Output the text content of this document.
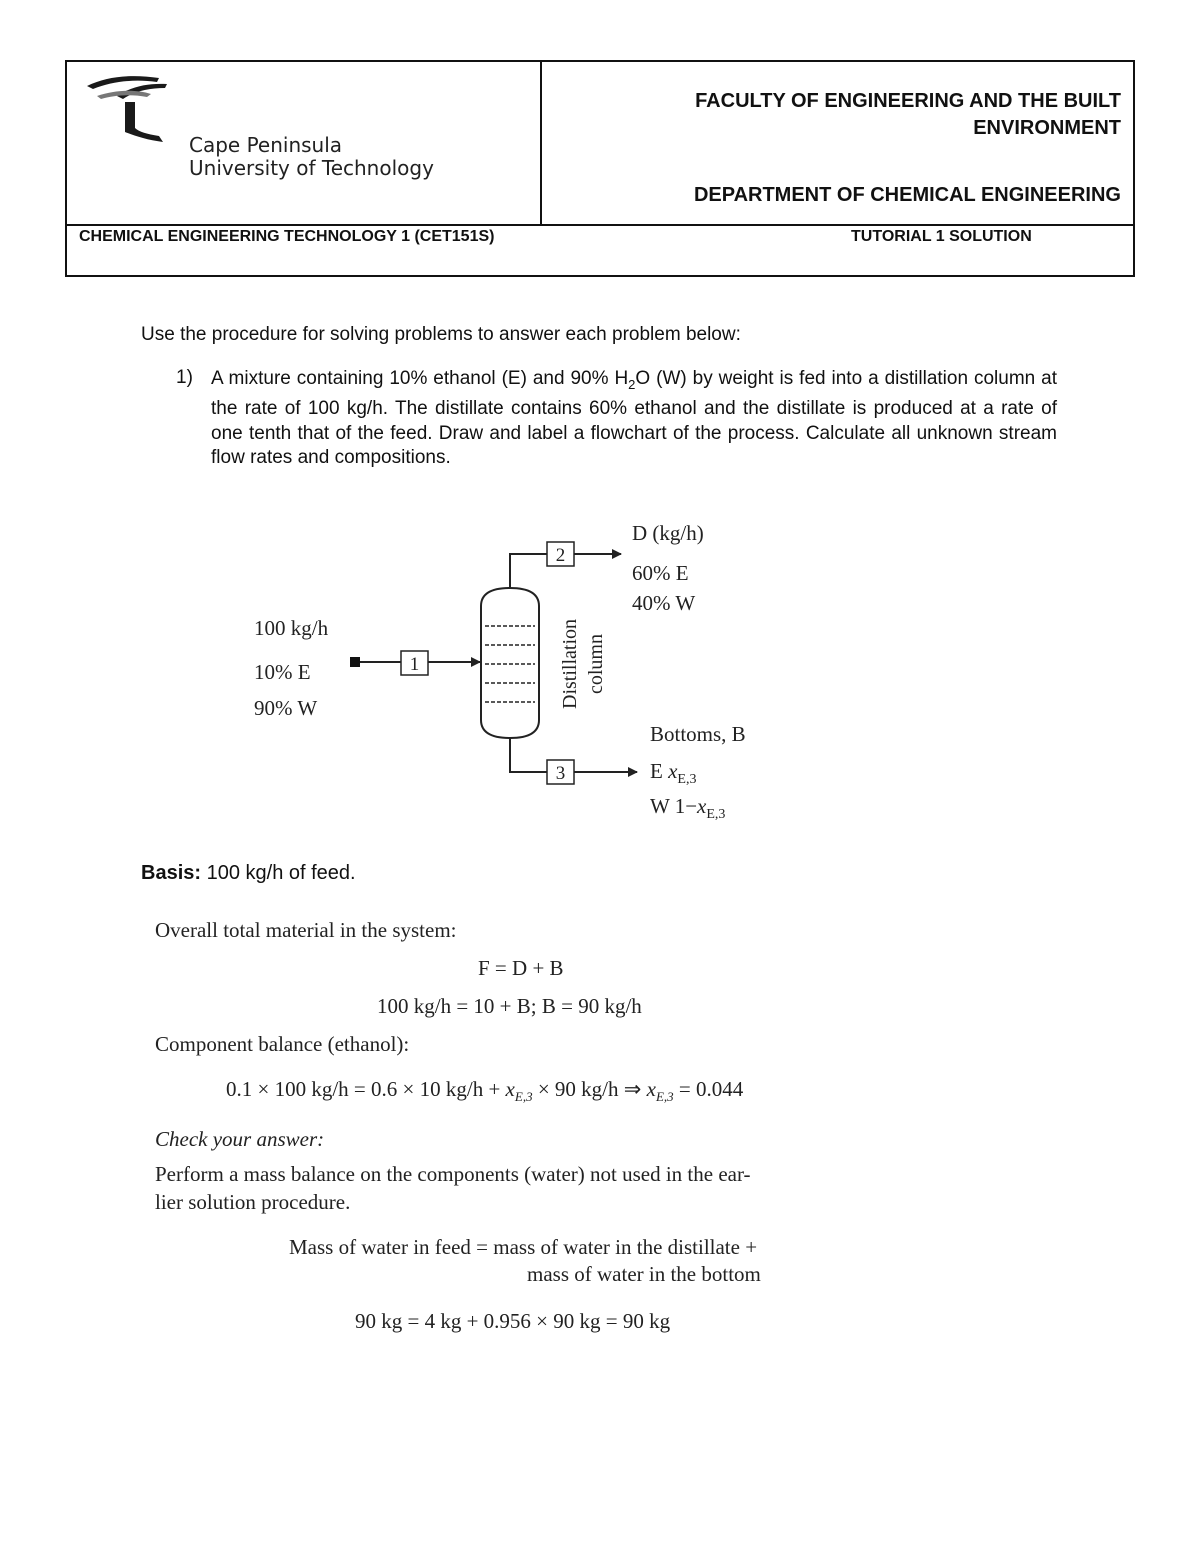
Cape Peninsula
University of Technology
FACULTY OF ENGINEERING AND THE BUILT
ENVIRONMENT
DEPARTMENT OF CHEMICAL ENGINEERING
CHEMICAL ENGINEERING TECHNOLOGY 1 (CET151S)	TUTORIAL 1 SOLUTION
Use the procedure for solving problems to answer each problem below:
1) A mixture containing 10% ethanol (E) and 90% $H_2O$ (W) by weight is fed into a distillation column at the rate of 100 kg/h. The distillate contains 60% ethanol and the distillate is produced at a rate of one tenth that of the feed. Draw and label a flowchart of the process. Calculate all unknown stream flow rates and compositions.

100 kg/h
10% E
90% W
1	Distillation column
2
D (kg/h)
60% E
40% W
3
Bottoms, B
E $x_{E,3}$
W $1-x_{E,3}$
Basis: 100 kg/h of feed.
Overall total material in the system:
F = D + B
100 kg/h = 10 + B; B = 90 kg/h
Component balance (ethanol):
0.1 × 100 kg/h = 0.6 × 10 $kg/h + x_{E,3} \times 90$ kg/h ⇒ $x_{E,3} = 0.044$
Check your answer:
Perform a mass balance on the components (water) not used in the ear-
lier solution procedure.
Mass of water in feed = mass of water in the distillate +
mass of water in the bottom
90 kg = 4 kg + 0.956 × 90 kg = 90 kg
